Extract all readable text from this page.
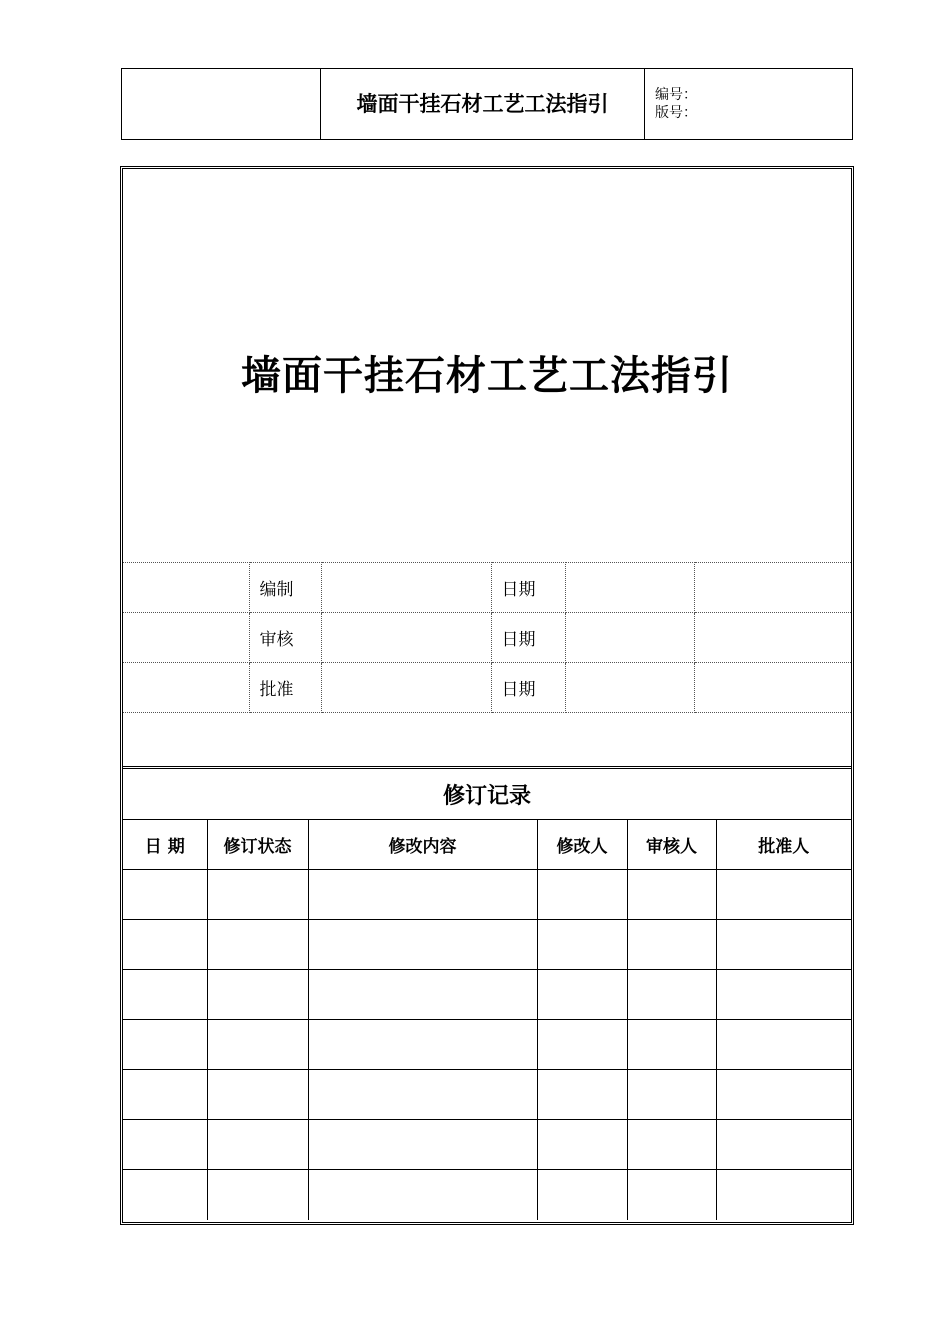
墙面干挂石材工艺工法指引	编号：
版号：
墙面干挂石材工艺工法指引
	编制		日期		
	审核		日期		
	批准		日期		

修订记录					
日 期	修订状态	修改内容	修改人	审核人	批准人
